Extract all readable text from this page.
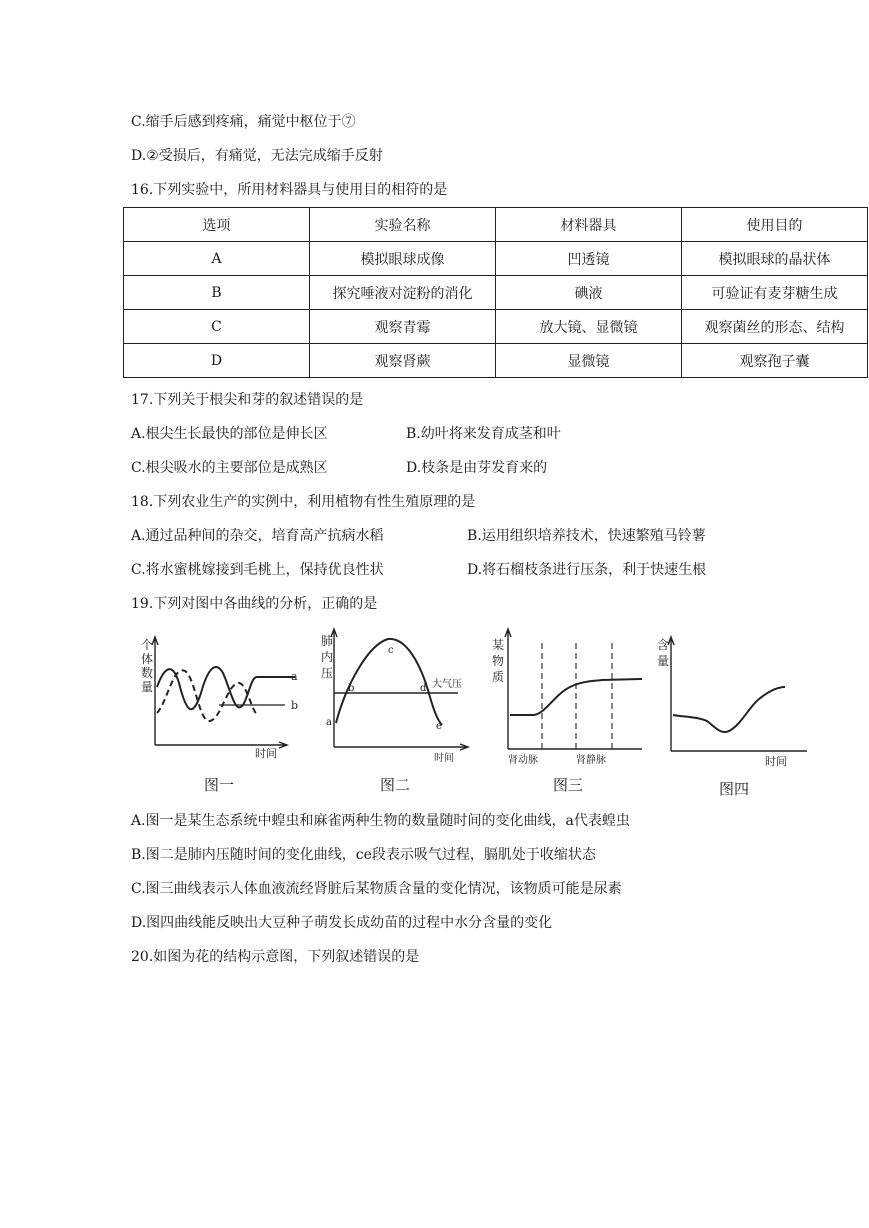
C.缩手后感到疼痛，痛觉中枢位于⑦
D.②受损后，有痛觉，无法完成缩手反射
16.下列实验中，所用材料器具与使用目的相符的是
选项	实验名称	材料器具	使用目的
A	模拟眼球成像	凹透镜	模拟眼球的晶状体
B	探究唾液对淀粉的消化	碘液	可验证有麦芽糖生成
C	观察青霉	放大镜、显微镜	观察菌丝的形态、结构
D	观察肾蕨	显微镜	观察孢子囊
17.下列关于根尖和芽的叙述错误的是
A.根尖生长最快的部位是伸长区	B.幼叶将来发育成茎和叶
C.根尖吸水的主要部位是成熟区	D.枝条是由芽发育来的
18.下列农业生产的实例中，利用植物有性生殖原理的是
A.通过品种间的杂交，培育高产抗病水稻	B.运用组织培养技术，快速繁殖马铃薯
C.将水蜜桃嫁接到毛桃上，保持优良性状	D.将石榴枝条进行压条，利于快速生根
19.下列对图中各曲线的分析，正确的是
个
体
数
量
a
b
时间
图一
肺
内
压
a
b
c
d
e
大气压
时间
图二
某
物
质
肾动脉	肾静脉
图三
含
量
时间
图四
A.图一是某生态系统中蝗虫和麻雀两种生物的数量随时间的变化曲线，a代表蝗虫
B.图二是肺内压随时间的变化曲线，ce段表示吸气过程，膈肌处于收缩状态
C.图三曲线表示人体血液流经肾脏后某物质含量的变化情况，该物质可能是尿素
D.图四曲线能反映出大豆种子萌发长成幼苗的过程中水分含量的变化
20.如图为花的结构示意图，下列叙述错误的是
